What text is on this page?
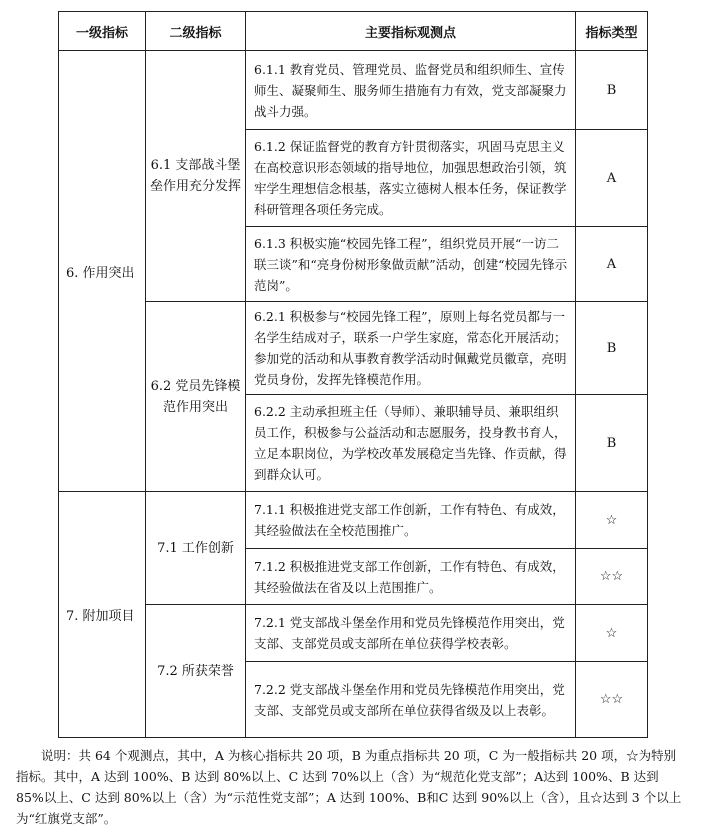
一级指标	二级指标	主要指标观测点	指标类型
6. 作用突出	6.1 支部战斗堡垒作用充分发挥	6.1.1 教育党员、管理党员、监督党员和组织师生、宣传师生、凝聚师生、服务师生措施有力有效，党支部凝聚力战斗力强。	B
		6.1.2 保证监督党的教育方针贯彻落实，巩固马克思主义在高校意识形态领域的指导地位，加强思想政治引领，筑牢学生理想信念根基，落实立德树人根本任务，保证教学科研管理各项任务完成。	A
		6.1.3 积极实施“校园先锋工程”，组织党员开展“一访二联三谈”和“亮身份树形象做贡献”活动，创建“校园先锋示范岗”。	A
	6.2 党员先锋模范作用突出	6.2.1 积极参与“校园先锋工程”，原则上每名党员都与一名学生结成对子，联系一户学生家庭，常态化开展活动；参加党的活动和从事教育教学活动时佩戴党员徽章，亮明党员身份，发挥先锋模范作用。	B
		6.2.2 主动承担班主任（导师）、兼职辅导员、兼职组织员工作，积极参与公益活动和志愿服务，投身教书育人，立足本职岗位，为学校改革发展稳定当先锋、作贡献，得到群众认可。	B
7. 附加项目	7.1 工作创新	7.1.1 积极推进党支部工作创新，工作有特色、有成效，其经验做法在全校范围推广。	☆
		7.1.2 积极推进党支部工作创新，工作有特色、有成效，其经验做法在省及以上范围推广。	☆☆
	7.2 所获荣誉	7.2.1 党支部战斗堡垒作用和党员先锋模范作用突出，党支部、支部党员或支部所在单位获得学校表彰。	☆
		7.2.2 党支部战斗堡垒作用和党员先锋模范作用突出，党支部、支部党员或支部所在单位获得省级及以上表彰。	☆☆
说明：共 64 个观测点，其中，A 为核心指标共 20 项，B 为重点指标共 20 项，C 为一般指标共 20 项，☆为特别指标。其中，A 达到 100%、B 达到 80%以上、C 达到 70%以上（含）为“规范化党支部”；A达到 100%、B 达到 85%以上、C 达到 80%以上（含）为“示范性党支部”；A 达到 100%、B和C 达到 90%以上（含），且☆达到 3 个以上为“红旗党支部”。
